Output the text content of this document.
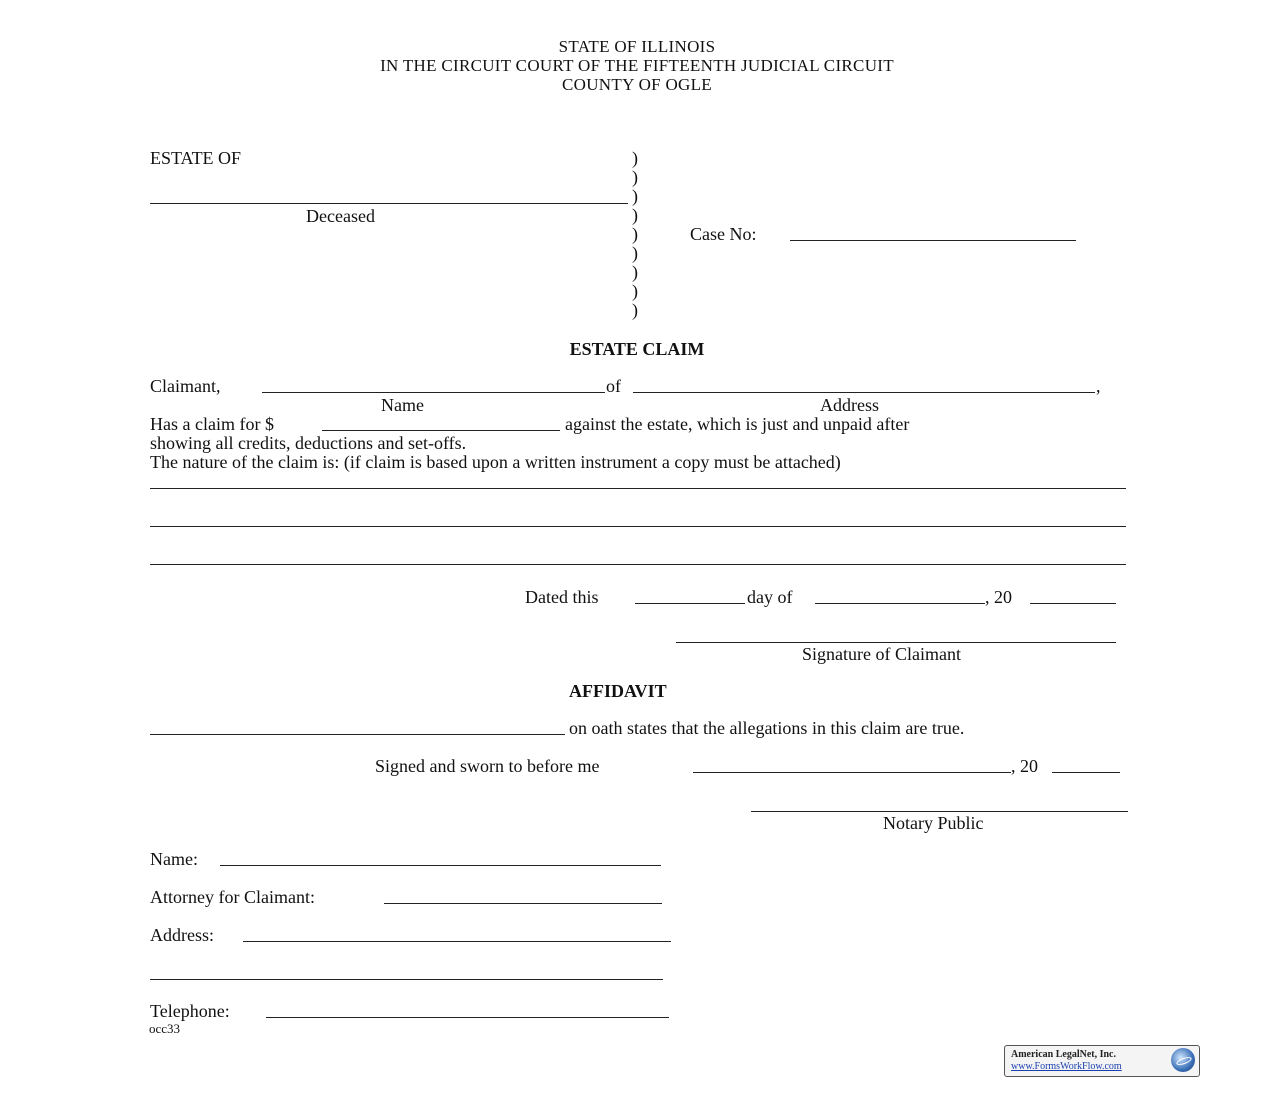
STATE OF ILLINOIS
IN THE CIRCUIT COURT OF THE FIFTEENTH JUDICIAL CIRCUIT
COUNTY OF OGLE
ESTATE OF
Deceased
)
)
)
)
)
)
)
)
)
Case No:
ESTATE CLAIM
Claimant,	of	,
Name	Address
Has a claim for $	against the estate, which is just and unpaid after
showing all credits, deductions and set-offs.
The nature of the claim is: (if claim is based upon a written instrument a copy must be attached)
Dated this	day of	, 20
Signature of Claimant
AFFIDAVIT
on oath states that the allegations in this claim are true.
Signed and sworn to before me	, 20
Notary Public
Name:
Attorney for Claimant:
Address:
Telephone:
occ33
American LegalNet, Inc.
www.FormsWorkFlow.com
